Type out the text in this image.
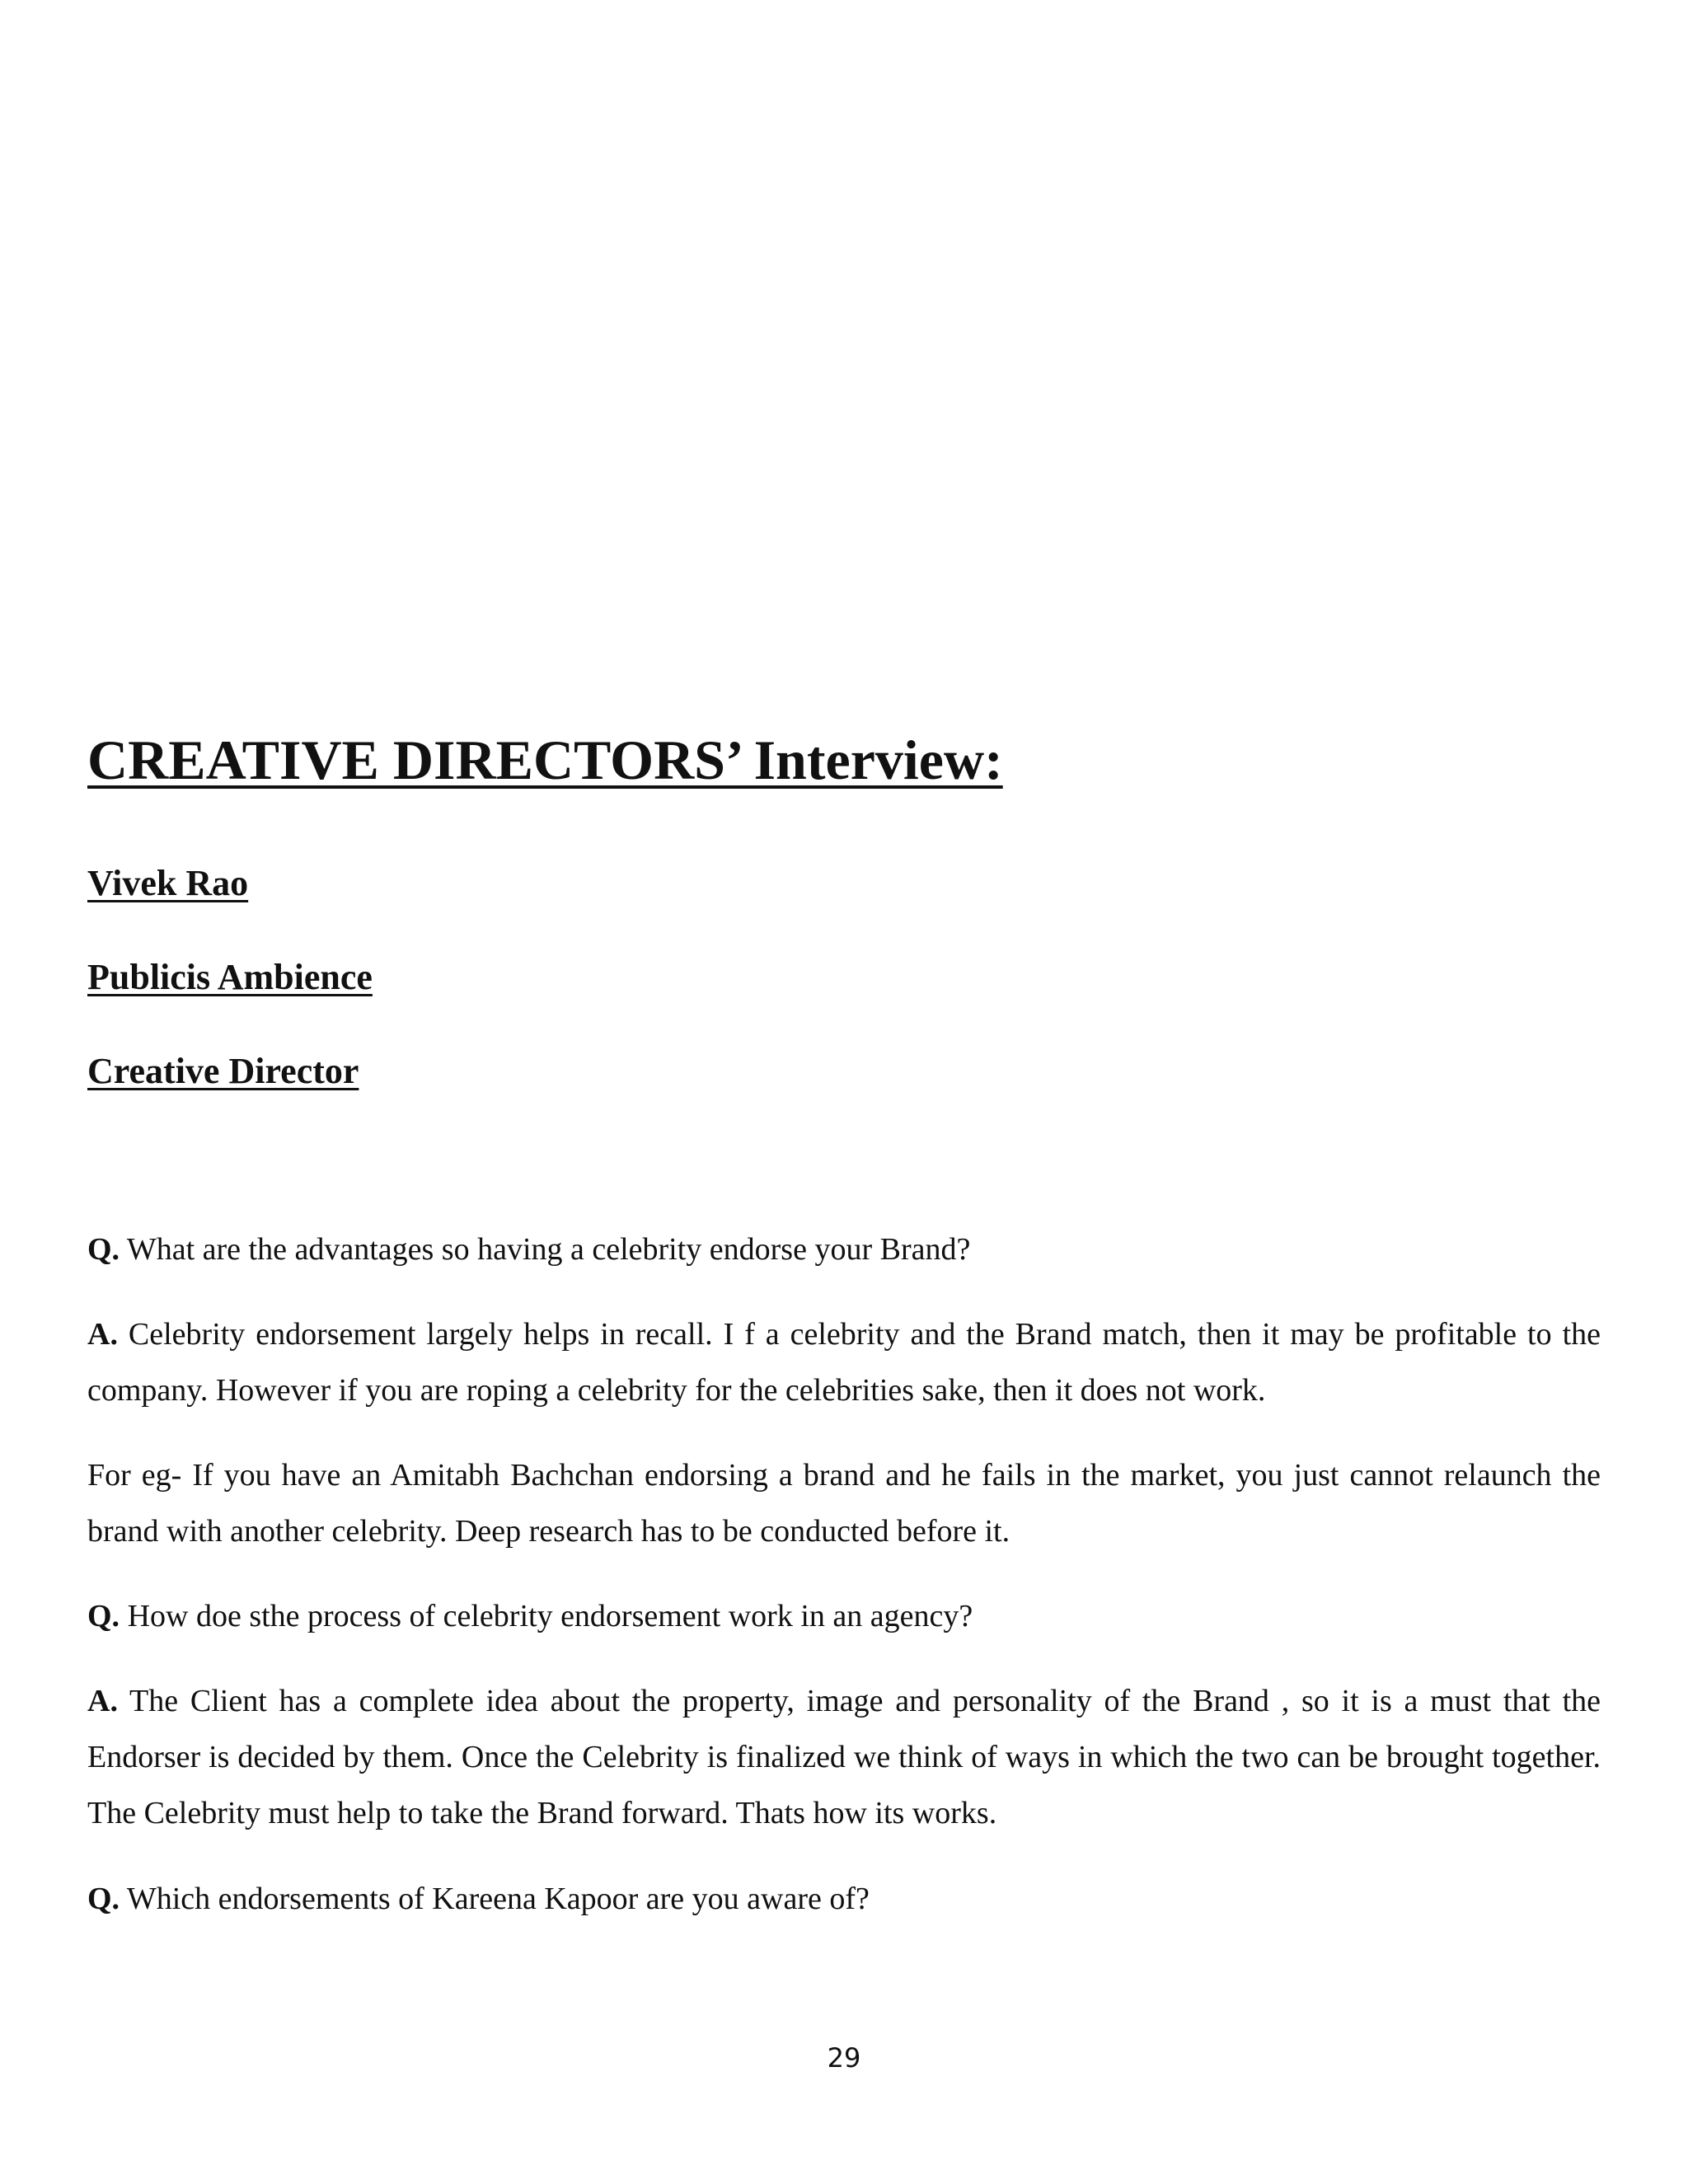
CREATIVE DIRECTORS’ Interview:
Vivek Rao
Publicis Ambience
Creative Director

Q. What are the advantages so having a celebrity endorse your Brand?

A. Celebrity endorsement largely helps in recall. I f a celebrity and the Brand match, then it may be profitable to the company. However if you are roping a celebrity for the celebrities sake, then it does not work.

For eg- If you have an Amitabh Bachchan endorsing a brand and he fails in the market, you just cannot relaunch the brand with another celebrity. Deep research has to be conducted before it.

Q. How doe sthe process of celebrity endorsement work in an agency?

A. The Client has a complete idea about the property, image and personality of the Brand , so it is a must that the Endorser is decided by them. Once the Celebrity is finalized we think of ways in which the two can be brought together. The Celebrity must help to take the Brand forward. Thats how its works.

Q. Which endorsements of Kareena Kapoor are you aware of?

29
